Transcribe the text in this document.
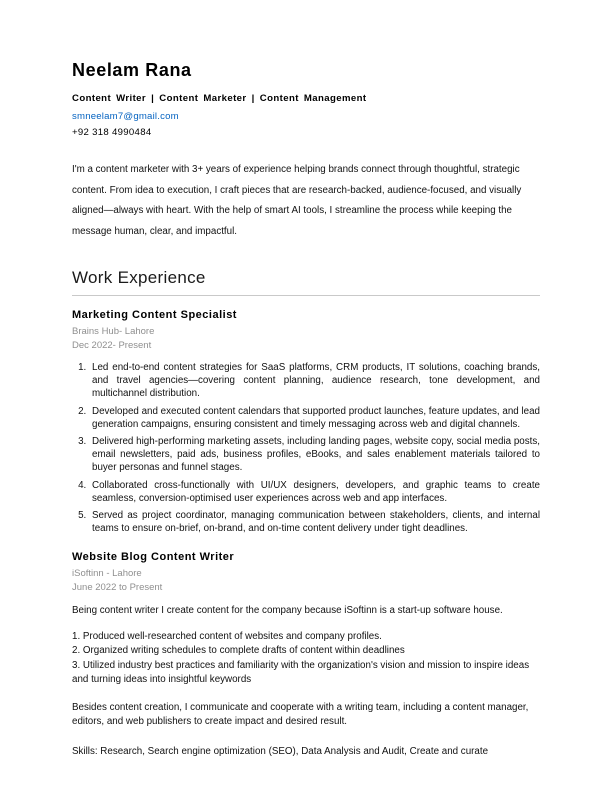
Neelam Rana
Content Writer | Content Marketer | Content Management
smneelam7@gmail.com
+92 318 4990484
I'm a content marketer with 3+ years of experience helping brands connect through thoughtful, strategic content. From idea to execution, I craft pieces that are research-backed, audience-focused, and visually aligned—always with heart. With the help of smart AI tools, I streamline the process while keeping the message human, clear, and impactful.
Work Experience
Marketing Content Specialist
Brains Hub- Lahore
Dec 2022- Present
1. Led end-to-end content strategies for SaaS platforms, CRM products, IT solutions, coaching brands, and travel agencies—covering content planning, audience research, tone development, and multichannel distribution.
2. Developed and executed content calendars that supported product launches, feature updates, and lead generation campaigns, ensuring consistent and timely messaging across web and digital channels.
3. Delivered high-performing marketing assets, including landing pages, website copy, social media posts, email newsletters, paid ads, business profiles, eBooks, and sales enablement materials tailored to buyer personas and funnel stages.
4. Collaborated cross-functionally with UI/UX designers, developers, and graphic teams to create seamless, conversion-optimised user experiences across web and app interfaces.
5. Served as project coordinator, managing communication between stakeholders, clients, and internal teams to ensure on-brief, on-brand, and on-time content delivery under tight deadlines.
Website Blog Content Writer
iSoftinn - Lahore
June 2022 to Present
Being content writer I create content for the company because iSoftinn is a start-up software house.
1. Produced well-researched content of websites and company profiles.
2. Organized writing schedules to complete drafts of content within deadlines
3. Utilized industry best practices and familiarity with the organization's vision and mission to inspire ideas and turning ideas into insightful keywords
Besides content creation, I communicate and cooperate with a writing team, including a content manager, editors, and web publishers to create impact and desired result.
Skills: Research, Search engine optimization (SEO), Data Analysis and Audit, Create and curate
